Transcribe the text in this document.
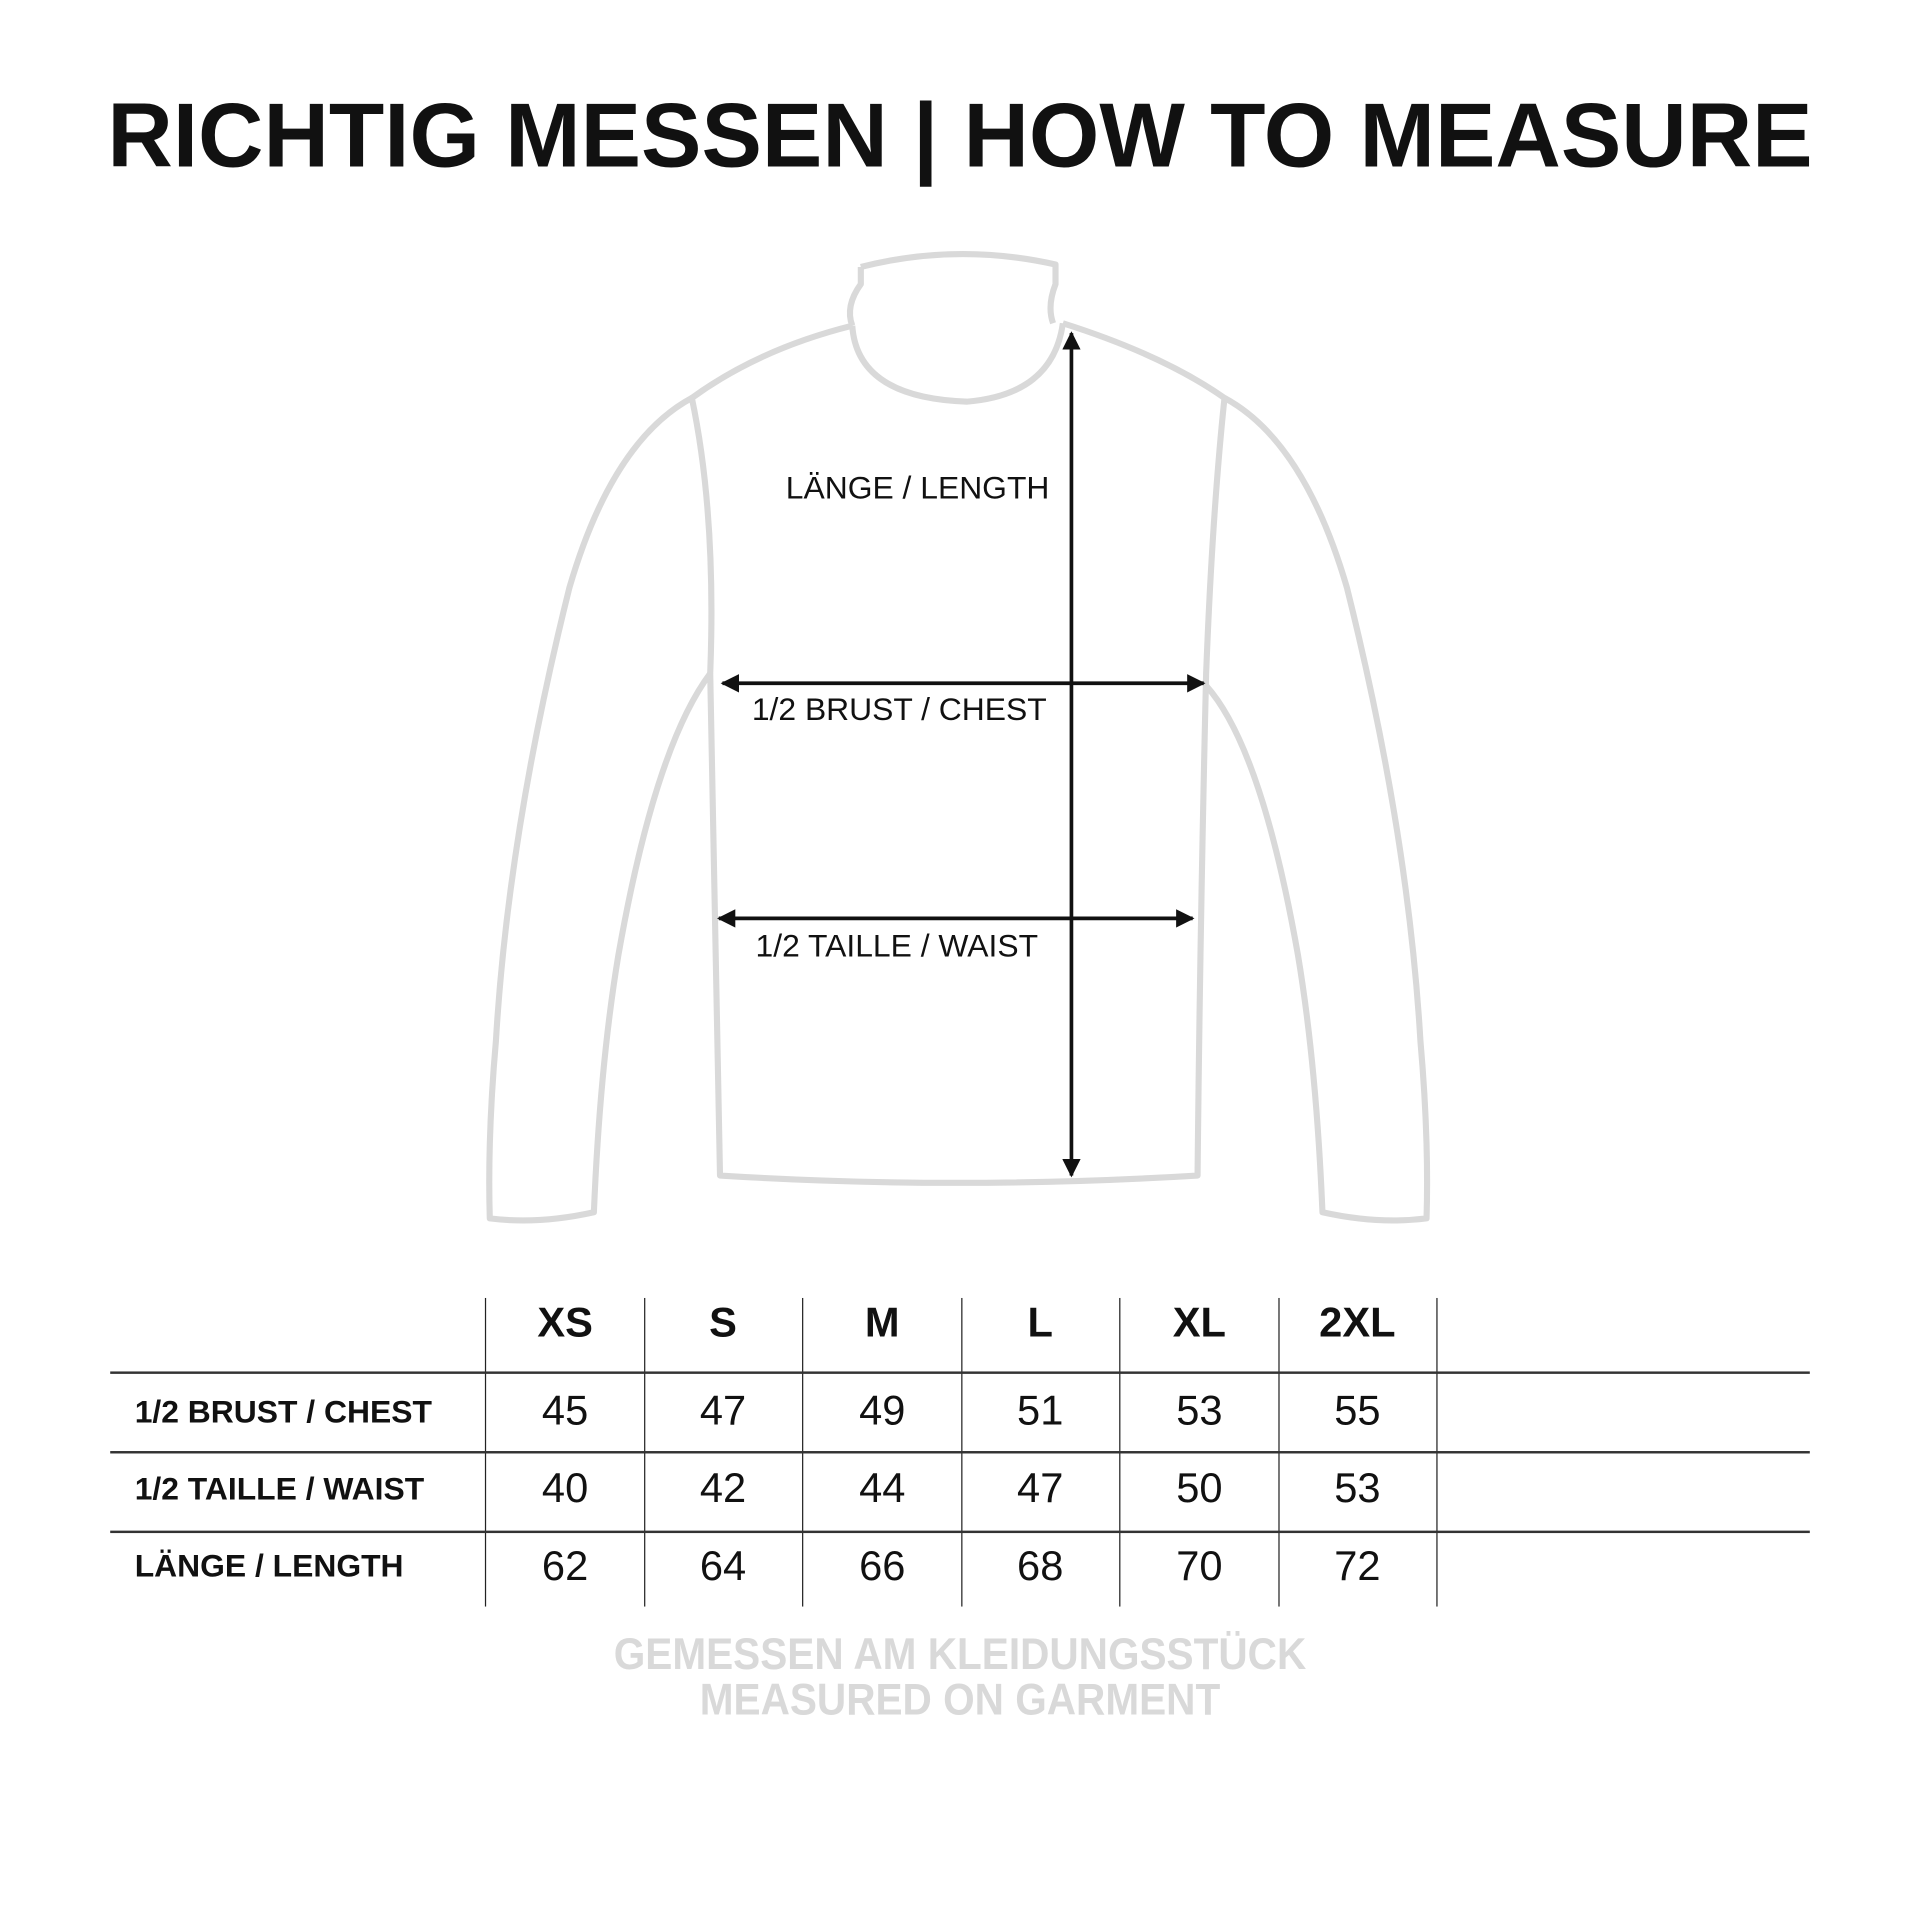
RICHTIG MESSEN | HOW TO MEASURE
LÄNGE / LENGTH
1/2 BRUST / CHEST
1/2 TAILLE / WAIST
XS	S	M	L	XL	2XL
1/2 BRUST / CHEST	45	47	49	51	53	55
1/2 TAILLE / WAIST	40	42	44	47	50	53
LÄNGE / LENGTH	62	64	66	68	70	72
GEMESSEN AM KLEIDUNGSSTÜCK
MEASURED ON GARMENT
